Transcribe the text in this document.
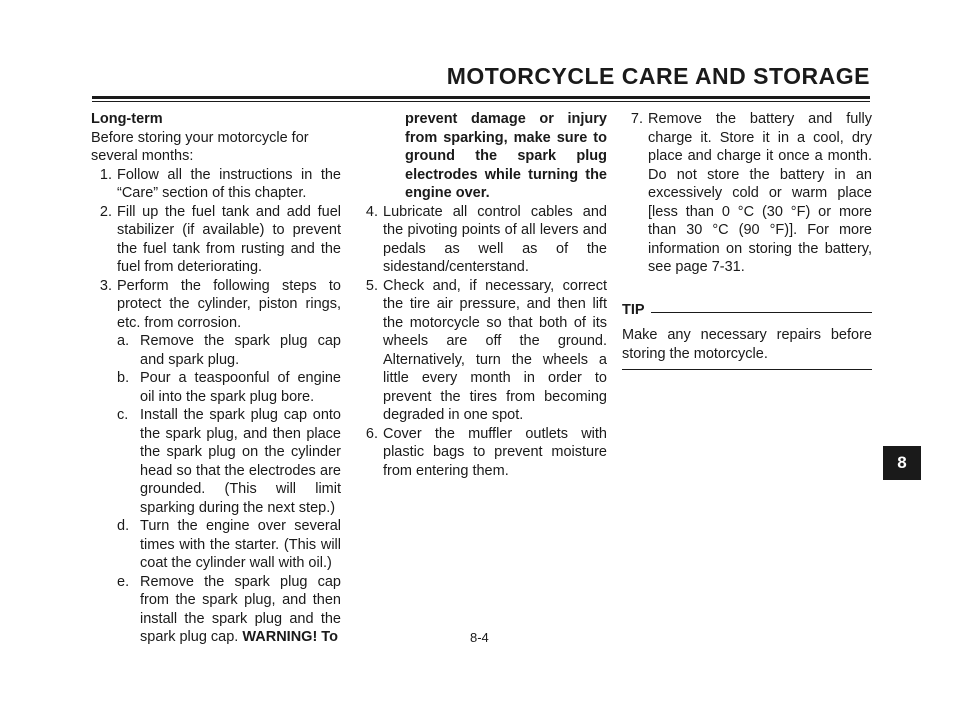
MOTORCYCLE CARE AND STORAGE

Long-term

Before storing your motorcycle for several months:

1. Follow all the instructions in the “Care” section of this chapter.
2. Fill up the fuel tank and add fuel stabilizer (if available) to prevent the fuel tank from rusting and the fuel from deteriorating.
3. Perform the following steps to protect the cylinder, piston rings, etc. from corrosion.
a. Remove the spark plug cap and spark plug.
b. Pour a teaspoonful of engine oil into the spark plug bore.
c. Install the spark plug cap onto the spark plug, and then place the spark plug on the cylinder head so that the electrodes are grounded. (This will limit sparking during the next step.)
d. Turn the engine over several times with the starter. (This will coat the cylinder wall with oil.)
e. Remove the spark plug cap from the spark plug, and then install the spark plug and the spark plug cap. WARNING! To

prevent damage or injury from sparking, make sure to ground the spark plug electrodes while turning the engine over.

4. Lubricate all control cables and the pivoting points of all levers and pedals as well as of the sidestand/centerstand.
5. Check and, if necessary, correct the tire air pressure, and then lift the motorcycle so that both of its wheels are off the ground. Alternatively, turn the wheels a little every month in order to prevent the tires from becoming degraded in one spot.
6. Cover the muffler outlets with plastic bags to prevent moisture from entering them.
7. Remove the battery and fully charge it. Store it in a cool, dry place and charge it once a month. Do not store the battery in an excessively cold or warm place [less than 0 °C (30 °F) or more than 30 °C (90 °F)]. For more information on storing the battery, see page 7-31.
TIP

Make any necessary repairs before storing the motorcycle.

8-4
8
